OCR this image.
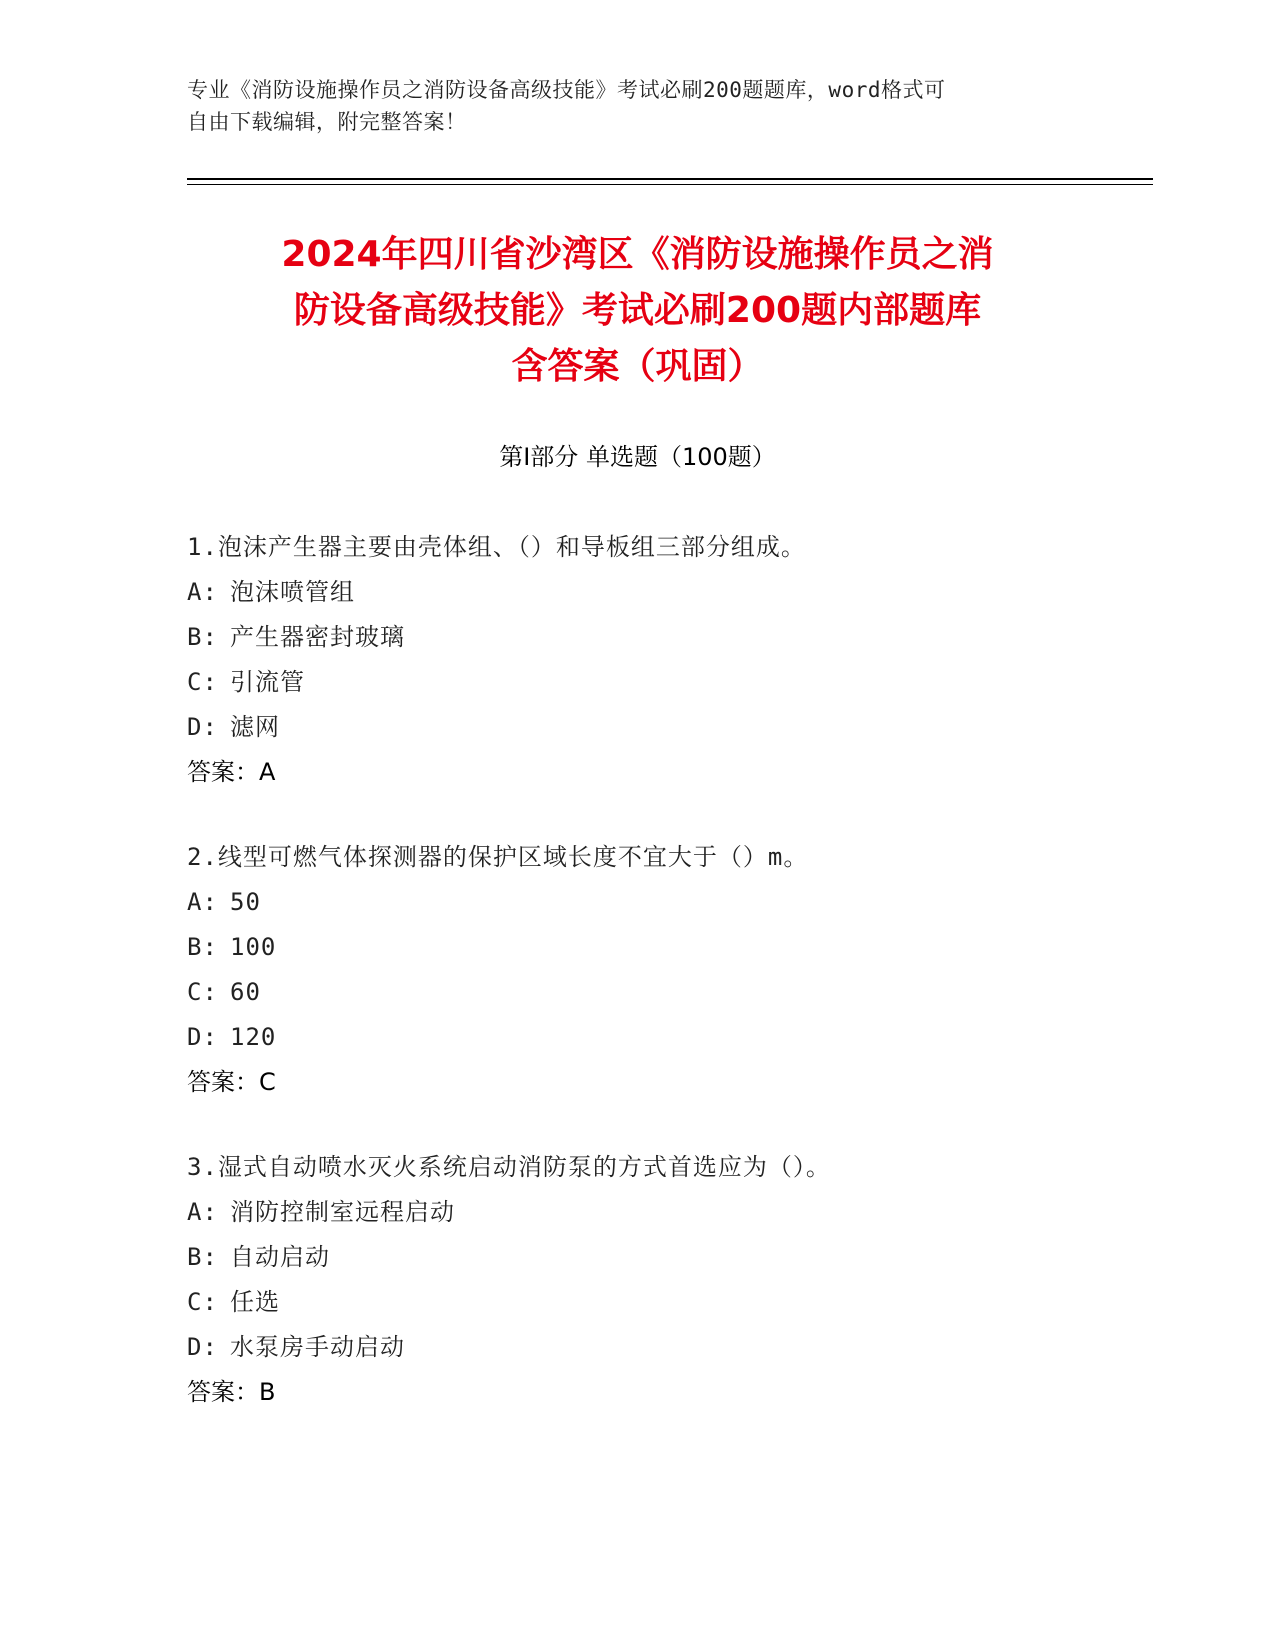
专业《消防设施操作员之消防设备高级技能》考试必刷200题题库，word格式可
自由下载编辑，附完整答案！
2024年四川省沙湾区《消防设施操作员之消
防设备高级技能》考试必刷200题内部题库
含答案（巩固）
第Ⅰ部分 单选题（100题）
1.泡沫产生器主要由壳体组、（）和导板组三部分组成。
A: 泡沫喷管组
B: 产生器密封玻璃
C: 引流管
D: 滤网
答案：A
2.线型可燃气体探测器的保护区域长度不宜大于（）m。
A: 50
B: 100
C: 60
D: 120
答案：C
3.湿式自动喷水灭火系统启动消防泵的方式首选应为（）。
A: 消防控制室远程启动
B: 自动启动
C: 任选
D: 水泵房手动启动
答案：B
